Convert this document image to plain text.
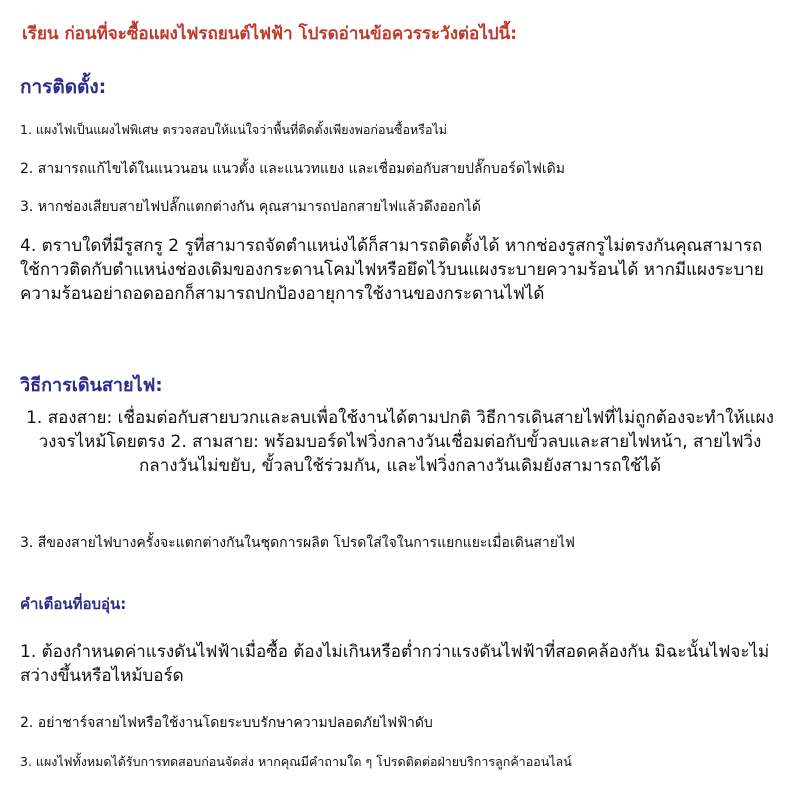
เรียน ก่อนที่จะซื้อแผงไฟรถยนต์ไฟฟ้า โปรดอ่านข้อควรระวังต่อไปนี้:
การติดตั้ง:
1. แผงไฟเป็นแผงไฟพิเศษ ตรวจสอบให้แน่ใจว่าพื้นที่ติดตั้งเพียงพอก่อนซื้อหรือไม่
2. สามารถแก้ไขได้ในแนวนอน แนวตั้ง และแนวทแยง และเชื่อมต่อกับสายปลั๊กบอร์ดไฟเดิม
3. หากช่องเสียบสายไฟปลั๊กแตกต่างกัน คุณสามารถปอกสายไฟแล้วดึงออกได้
4. ตราบใดที่มีรูสกรู 2 รูที่สามารถจัดตำแหน่งได้ก็สามารถติดตั้งได้ หากช่องรูสกรูไม่ตรงกันคุณสามารถใช้กาวติดกับตำแหน่งช่องเดิมของกระดานโคมไฟหรือยึดไว้บนแผงระบายความร้อนได้ หากมีแผงระบายความร้อนอย่าถอดออกก็สามารถปกป้องอายุการใช้งานของกระดานไฟได้
วิธีการเดินสายไฟ:
1. สองสาย: เชื่อมต่อกับสายบวกและลบเพื่อใช้งานได้ตามปกติ วิธีการเดินสายไฟที่ไม่ถูกต้องจะทำให้แผงวงจรไหม้โดยตรง 2. สามสาย: พร้อมบอร์ดไฟวิ่งกลางวันเชื่อมต่อกับขั้วลบและสายไฟหน้า, สายไฟวิ่งกลางวันไม่ขยับ, ขั้วลบใช้ร่วมกัน, และไฟวิ่งกลางวันเดิมยังสามารถใช้ได้
3. สีของสายไฟบางครั้งจะแตกต่างกันในชุดการผลิต โปรดใส่ใจในการแยกแยะเมื่อเดินสายไฟ
คำเตือนที่อบอุ่น:
1. ต้องกำหนดค่าแรงดันไฟฟ้าเมื่อซื้อ ต้องไม่เกินหรือต่ำกว่าแรงดันไฟฟ้าที่สอดคล้องกัน มิฉะนั้นไฟจะไม่สว่างขึ้นหรือไหม้บอร์ด
2. อย่าชาร์จสายไฟหรือใช้งานโดยระบบรักษาความปลอดภัยไฟฟ้าดับ
3. แผงไฟทั้งหมดได้รับการทดสอบก่อนจัดส่ง หากคุณมีคำถามใด ๆ โปรดติดต่อฝ่ายบริการลูกค้าออนไลน์
